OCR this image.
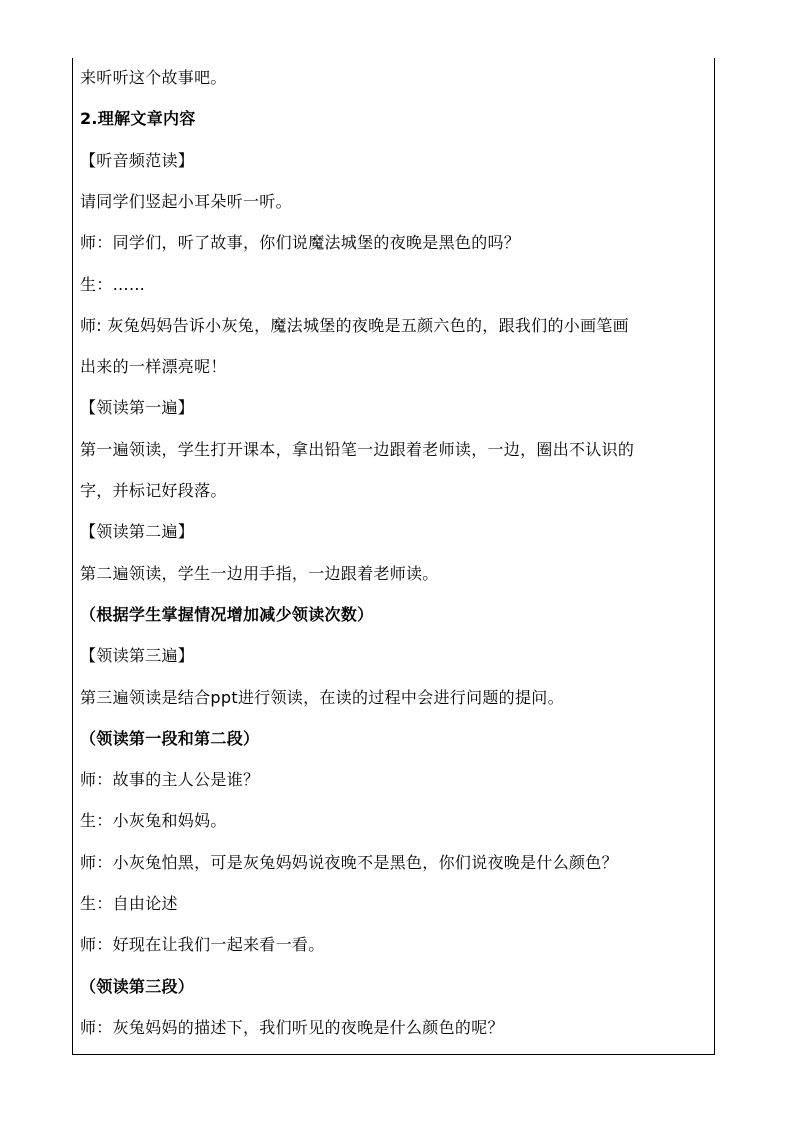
来听听这个故事吧。
2.理解文章内容
【听音频范读】
请同学们竖起小耳朵听一听。
师：同学们，听了故事，你们说魔法城堡的夜晚是黑色的吗？
生：……
师: 灰兔妈妈告诉小灰兔，魔法城堡的夜晚是五颜六色的，跟我们的小画笔画
出来的一样漂亮呢！
【领读第一遍】
第一遍领读，学生打开课本，拿出铅笔一边跟着老师读，一边，圈出不认识的
字，并标记好段落。
【领读第二遍】
第二遍领读，学生一边用手指，一边跟着老师读。
（根据学生掌握情况增加减少领读次数）
【领读第三遍】
第三遍领读是结合ppt进行领读，在读的过程中会进行问题的提问。
（领读第一段和第二段）
师：故事的主人公是谁？
生：小灰兔和妈妈。
师：小灰兔怕黑，可是灰兔妈妈说夜晚不是黑色，你们说夜晚是什么颜色？
生：自由论述
师：好现在让我们一起来看一看。
（领读第三段）
师：灰兔妈妈的描述下，我们听见的夜晚是什么颜色的呢？
